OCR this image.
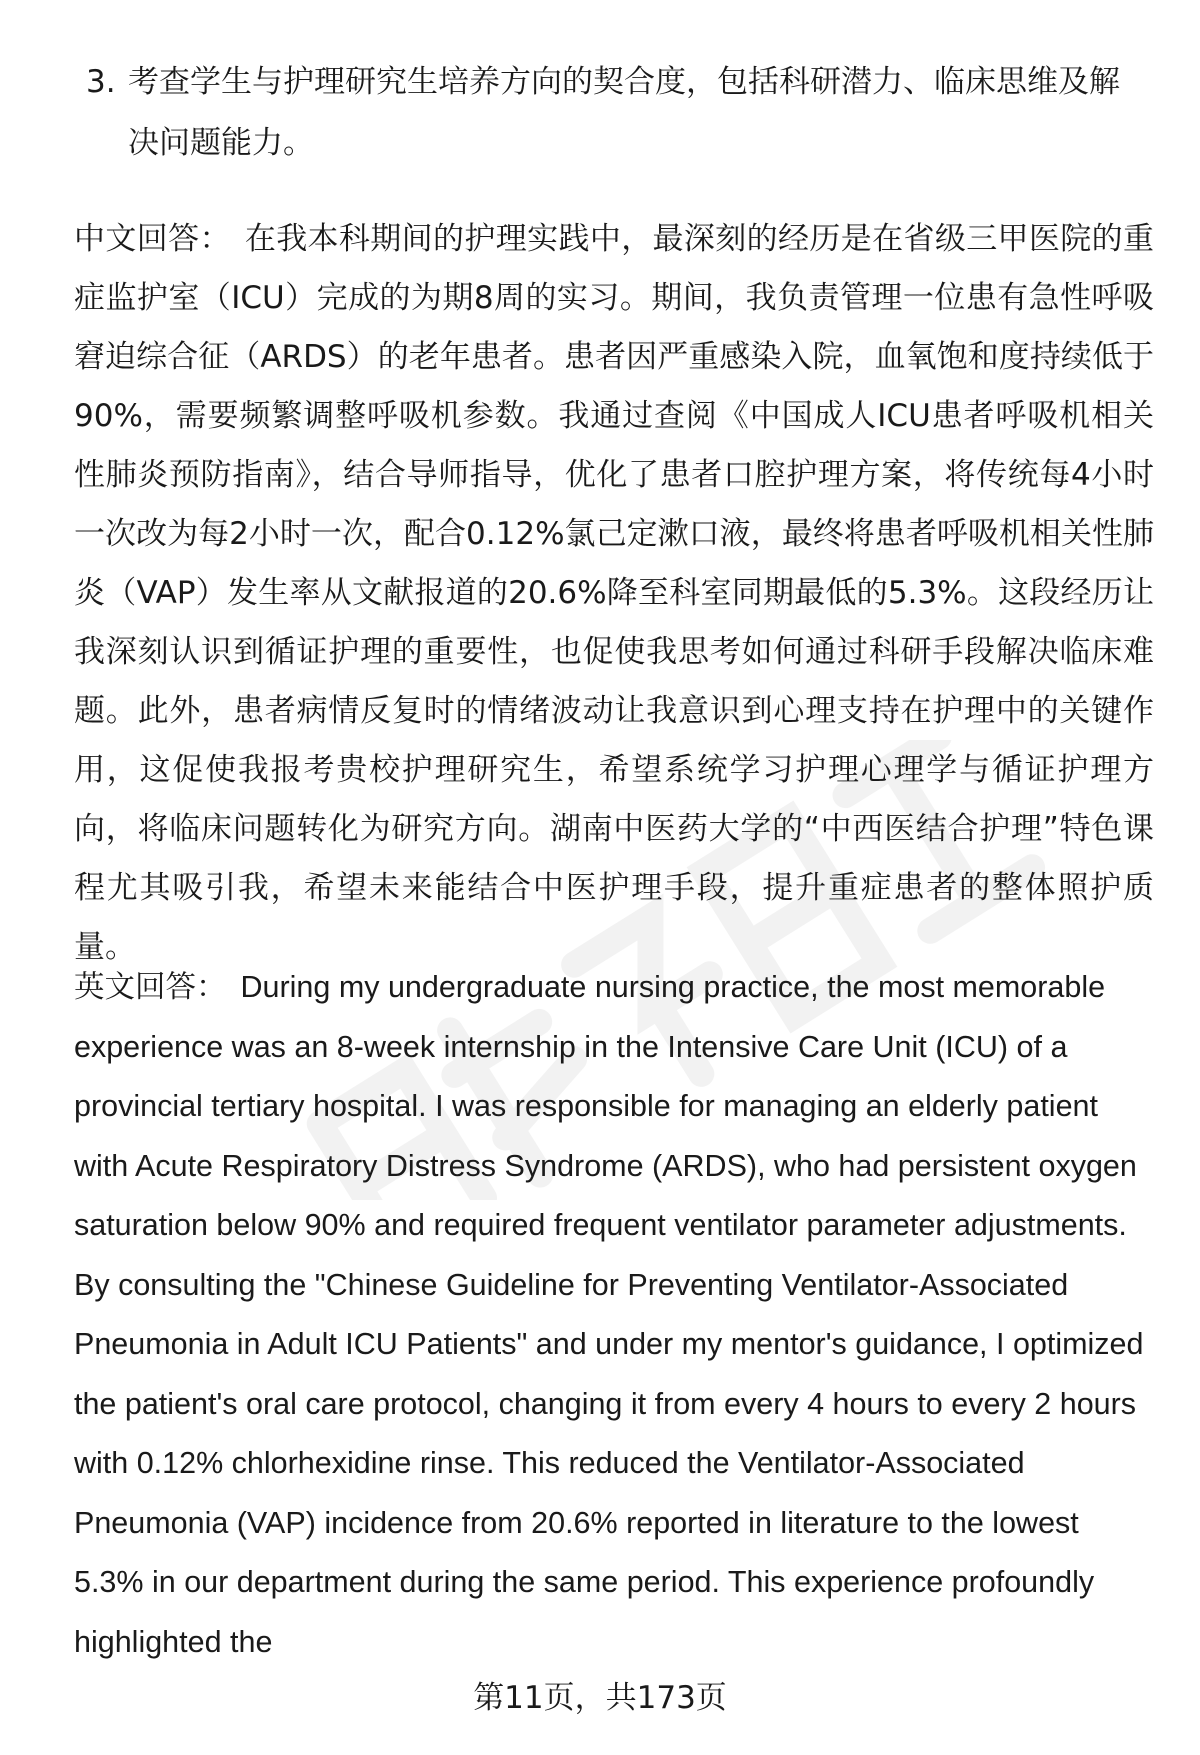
3. 考查学生与护理研究生培养方向的契合度，包括科研潜力、临床思维及解决问题能力。
中文回答： 在我本科期间的护理实践中，最深刻的经历是在省级三甲医院的重症监护室（ICU）完成的为期8周的实习。期间，我负责管理一位患有急性呼吸窘迫综合征（ARDS）的老年患者。患者因严重感染入院，血氧饱和度持续低于90%，需要频繁调整呼吸机参数。我通过查阅《中国成人ICU患者呼吸机相关性肺炎预防指南》，结合导师指导，优化了患者口腔护理方案，将传统每4小时一次改为每2小时一次，配合0.12%氯己定漱口液，最终将患者呼吸机相关性肺炎（VAP）发生率从文献报道的20.6%降至科室同期最低的5.3%。这段经历让我深刻认识到循证护理的重要性，也促使我思考如何通过科研手段解决临床难题。此外，患者病情反复时的情绪波动让我意识到心理支持在护理中的关键作用，这促使我报考贵校护理研究生，希望系统学习护理心理学与循证护理方向，将临床问题转化为研究方向。湖南中医药大学的“中西医结合护理”特色课程尤其吸引我，希望未来能结合中医护理手段，提升重症患者的整体照护质量。
英文回答： During my undergraduate nursing practice, the most memorable experience was an 8-week internship in the Intensive Care Unit (ICU) of a provincial tertiary hospital. I was responsible for managing an elderly patient with Acute Respiratory Distress Syndrome (ARDS), who had persistent oxygen saturation below 90% and required frequent ventilator parameter adjustments. By consulting the "Chinese Guideline for Preventing Ventilator-Associated Pneumonia in Adult ICU Patients" and under my mentor's guidance, I optimized the patient's oral care protocol, changing it from every 4 hours to every 2 hours with 0.12% chlorhexidine rinse. This reduced the Ventilator-Associated Pneumonia (VAP) incidence from 20.6% reported in literature to the lowest 5.3% in our department during the same period. This experience profoundly highlighted the
第11页，共173页
